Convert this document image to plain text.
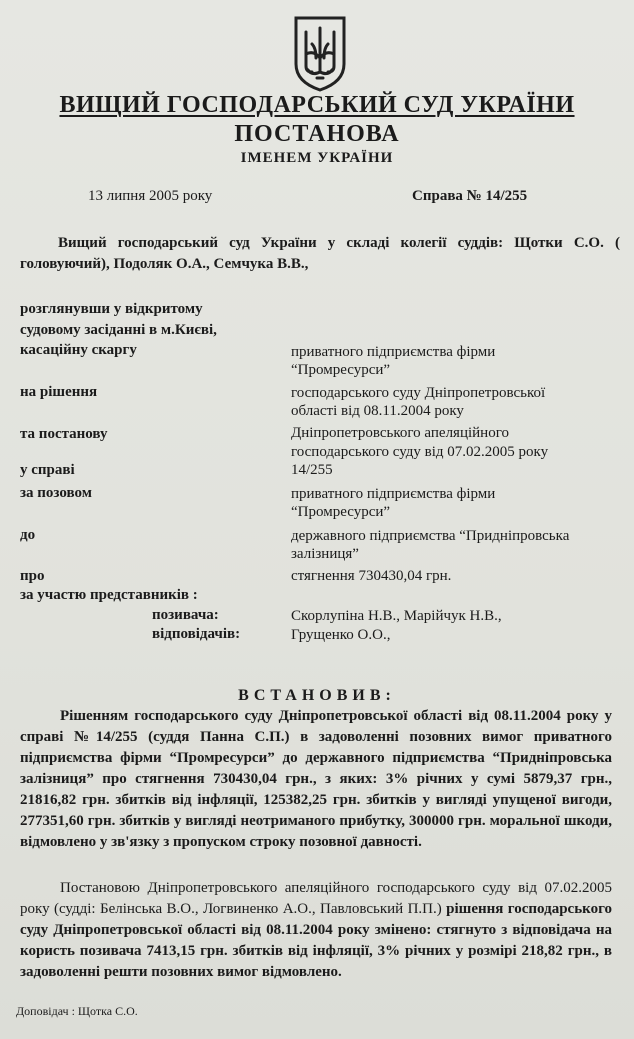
ВИЩИЙ ГОСПОДАРСЬКИЙ СУД УКРАЇНИ
ПОСТАНОВА
ІМЕНЕМ УКРАЇНИ
13 липня 2005 року	Справа № 14/255
Вищий господарський суд України у складі колегії суддів: Щотки С.О. ( головуючий), Подоляк О.А., Семчука В.В.,
розглянувши у відкритому
судовому засіданні в м.Києві,
касаційну скаргу	приватного підприємства фірми
“Промресурси”
на рішення	господарського суду Дніпропетровської
області від 08.11.2004 року
та постанову	Дніпропетровського апеляційного
господарського суду від 07.02.2005 року
у справі	14/255
за позовом	приватного підприємства фірми
“Промресурси”
до	державного підприємства “Придніпровська
залізниця”
про	стягнення 730430,04 грн.
за участю представників :
позивача:	Скорлупіна Н.В., Марійчук Н.В.,
відповідачів:	Грущенко О.О.,
ВСТАНОВИВ:
Рішенням господарського суду Дніпропетровської області від 08.11.2004 року у справі №14/255 (суддя Панна С.П.) в задоволенні позовних вимог приватного підприємства фірми “Промресурси” до державного підприємства “Придніпровська залізниця” про стягнення 730430,04 грн., з яких: 3% річних у сумі 5879,37 грн., 21816,82 грн. збитків від інфляції, 125382,25 грн. збитків у вигляді упущеної вигоди, 277351,60 грн. збитків у вигляді неотриманого прибутку, 300000 грн. моральної шкоди, відмовлено у зв'язку з пропуском строку позовної давності.
Постановою Дніпропетровського апеляційного господарського суду від 07.02.2005 року (судді: Белінська В.О., Логвиненко А.О., Павловський П.П.) рішення господарського суду Дніпропетровської області від 08.11.2004 року змінено: стягнуто з відповідача на користь позивача 7413,15 грн. збитків від інфляції, 3% річних у розмірі 218,82 грн., в задоволенні решти позовних вимог відмовлено.
Доповідач : Щотка С.О.
